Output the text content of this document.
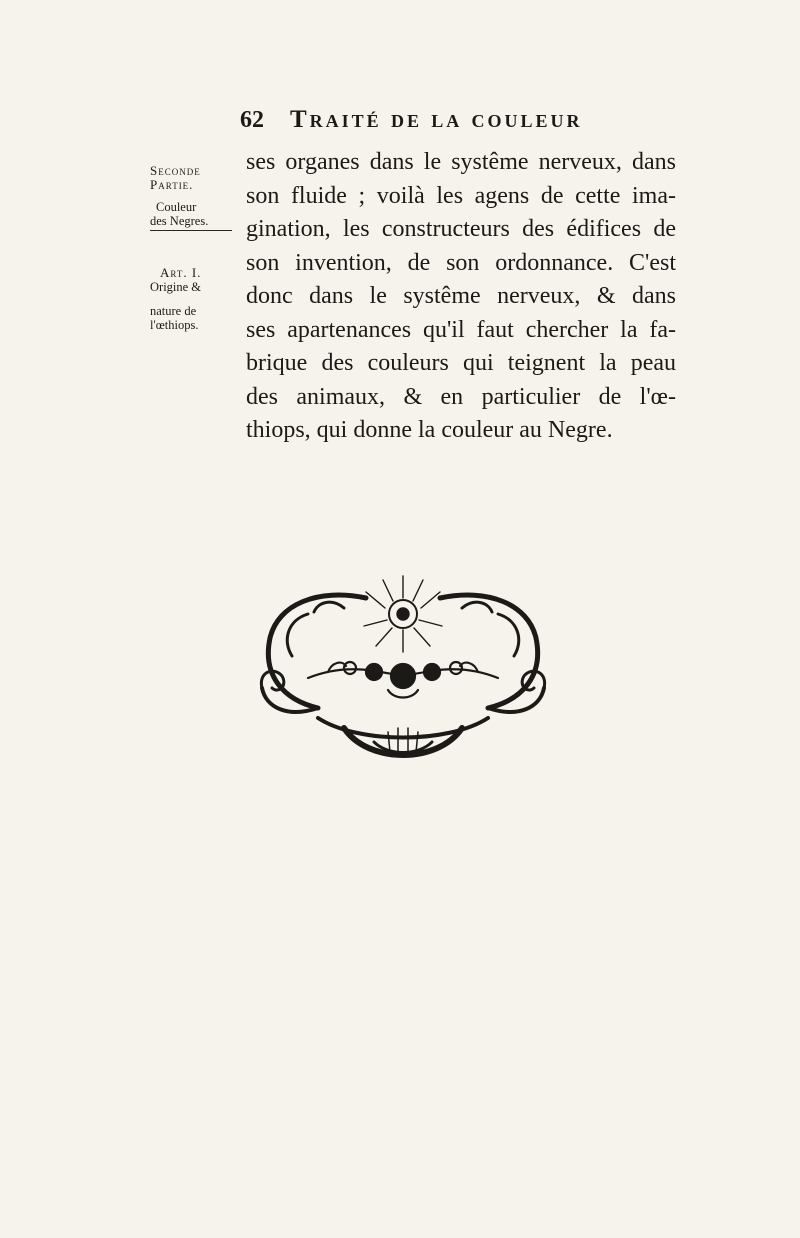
62 Traité de la couleur
Seconde
Partie.
Couleur
des Negres.
Art. I.
Origine &
nature de
l'œthiops.
ses organes dans le systême nerveux, dans
son fluide ; voilà les agens de cette ima-
gination, les constructeurs des édifices de
son invention, de son ordonnance. C'est
donc dans le systême nerveux, & dans
ses apartenances qu'il faut chercher la fa-
brique des couleurs qui teignent la peau
des animaux, & en particulier de l'œ-
thiops, qui donne la couleur au Negre.
